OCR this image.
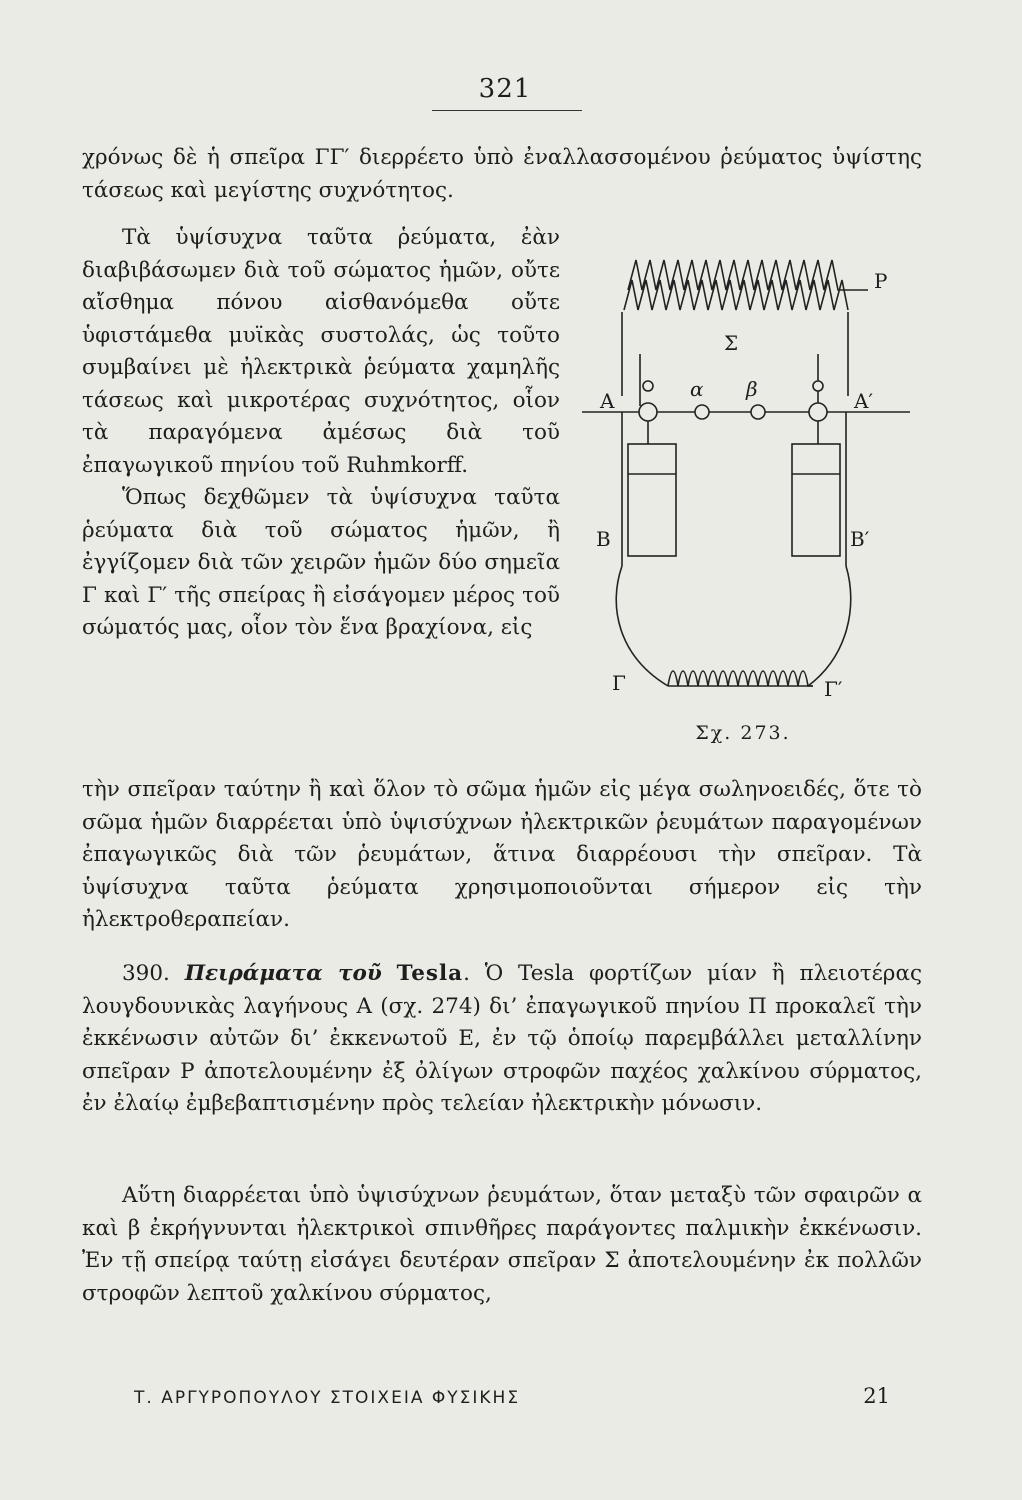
321

χρόνως δὲ ἡ σπεῖρα ΓΓ′ διερρέετο ὑπὸ ἐναλλασσομένου ῥεύματος ὑψίστης τάσεως καὶ μεγίστης συχνότητος.

Τὰ ὑψίσυχνα ταῦτα ῥεύματα, ἐὰν διαβιβάσωμεν διὰ τοῦ σώματος ἡμῶν, οὔτε αἴσθημα πόνου αἰσθανόμεθα οὔτε ὑφιστάμεθα μυϊκὰς συστολάς, ὡς τοῦτο συμβαίνει μὲ ἠλεκτρικὰ ῥεύματα χαμηλῆς τάσεως καὶ μικροτέρας συχνότητος, οἷον τὰ παραγόμενα ἀμέσως διὰ τοῦ ἐπαγωγικοῦ πηνίου τοῦ Ruhmkorff.

Ὅπως δεχθῶμεν τὰ ὑψίσυχνα ταῦτα ῥεύματα διὰ τοῦ σώματος ἡμῶν, ἢ ἐγγίζομεν διὰ τῶν χειρῶν ἡμῶν δύο σημεῖα Γ καὶ Γ′ τῆς σπείρας ἢ εἰσάγομεν μέρος τοῦ σώματός μας, οἷον τὸν ἕνα βραχίονα, εἰς

P
Σ
A	A′
α β
B	B′
Γ	Γ′
Σχ. 273.

τὴν σπεῖραν ταύτην ἢ καὶ ὅλον τὸ σῶμα ἡμῶν εἰς μέγα σωληνοειδές, ὅτε τὸ σῶμα ἡμῶν διαρρέεται ὑπὸ ὑψισύχνων ἠλεκτρικῶν ῥευμάτων παραγομένων ἐπαγωγικῶς διὰ τῶν ῥευμάτων, ἅτινα διαρρέουσι τὴν σπεῖραν. Τὰ ὑψίσυχνα ταῦτα ῥεύματα χρησιμοποιοῦνται σήμερον εἰς τὴν ἠλεκτροθεραπείαν.

390. Πειράματα τοῦ Tesla. Ὁ Tesla φορτίζων μίαν ἢ πλειοτέρας λουγδουνικὰς λαγήνους Α (σχ. 274) δι’ ἐπαγωγικοῦ πηνίου Π προκαλεῖ τὴν ἐκκένωσιν αὐτῶν δι’ ἐκκενωτοῦ Ε, ἐν τῷ ὁποίῳ παρεμβάλλει μεταλλίνην σπεῖραν Ρ ἀποτελουμένην ἐξ ὀλίγων στροφῶν παχέος χαλκίνου σύρματος, ἐν ἐλαίῳ ἐμβεβαπτισμένην πρὸς τελείαν ἠλεκτρικὴν μόνωσιν.

Αὕτη διαρρέεται ὑπὸ ὑψισύχνων ῥευμάτων, ὅταν μεταξὺ τῶν σφαιρῶν α καὶ β ἐκρήγνυνται ἠλεκτρικοὶ σπινθῆρες παράγοντες παλμικὴν ἐκκένωσιν. Ἐν τῇ σπείρᾳ ταύτῃ εἰσάγει δευτέραν σπεῖραν Σ ἀποτελουμένην ἐκ πολλῶν στροφῶν λεπτοῦ χαλκίνου σύρματος,

Τ. ΑΡΓΥΡΟΠΟΥΛΟΥ ΣΤΟΙΧΕΙΑ ΦΥΣΙΚΗΣ	21
